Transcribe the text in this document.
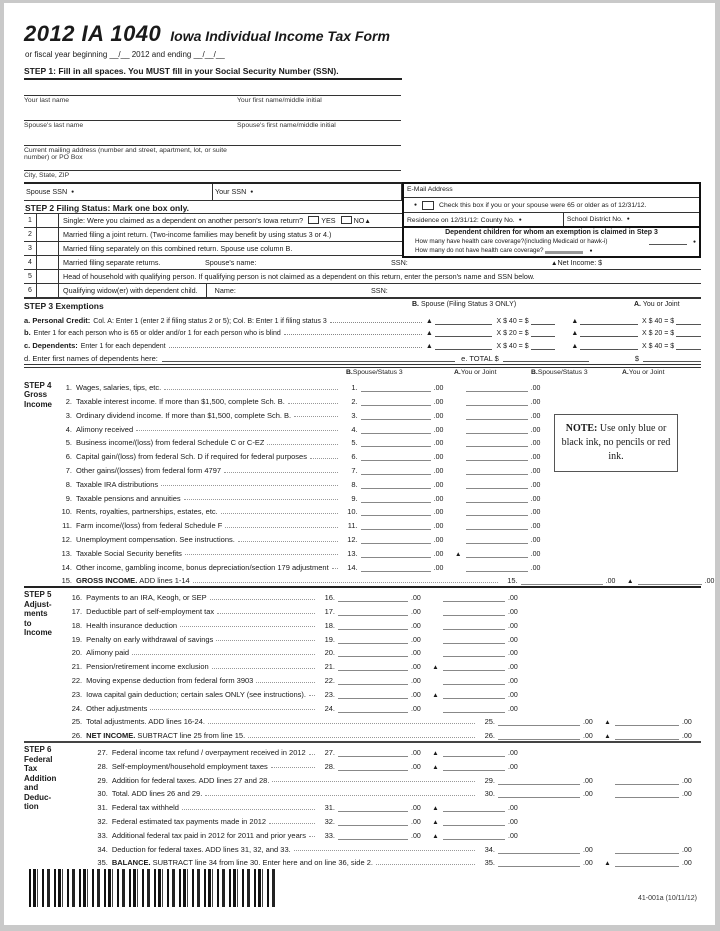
2012 IA 1040 Iowa Individual Income Tax Form
or fiscal year beginning __/__ 2012 and ending __/__/__
STEP 1: Fill in all spaces. You MUST fill in your Social Security Number (SSN).
Your last name	Your first name/middle initial
Spouse's last name	Spouse's first name/middle initial
Current mailing address (number and street, apartment, lot, or suite number) or PO Box
City, State, ZIP
Spouse SSN ●	Your SSN ●
STEP 2 Filing Status: Mark one box only.
1	Single: Were you claimed as a dependent on another person's Iowa return?	YES	NO▲
2	Married filing a joint return. (Two-income families may benefit by using status 3 or 4.)
3	Married filing separately on this combined return. Spouse use column B.
E-Mail Address
●	Check this box if you or your spouse were 65 or older as of 12/31/12.
Residence on 12/31/12: County No. ●	School District No. ●
Dependent children for whom an exemption is claimed in Step 3
How many have health care coverage?(including Medicaid or hawk-i)	●
How many do not have health care coverage?	●
4	Married filing separate returns.	Spouse's name:	SSN:	▲Net Income: $
5	Head of household with qualifying person. If qualifying person is not claimed as a dependent on this return, enter the person's name and SSN below.
6	Qualifying widow(er) with dependent child.	Name:	SSN:
STEP 3 Exemptions	B. Spouse (Filing Status 3 ONLY)	A. You or Joint
a. Personal Credit: Col. A: Enter 1 (enter 2 if filing status 2 or 5); Col. B: Enter 1 if filing status 3	▲	X $ 40 = $	▲	X $ 40 = $
b. Enter 1 for each person who is 65 or older and/or 1 for each person who is blind	▲	X $ 20 = $	▲	X $ 20 = $
c. Dependents: Enter 1 for each dependent	▲	X $ 40 = $	▲	X $ 40 = $
d. Enter first names of dependents here:	e. TOTAL $	$
B. Spouse/Status 3	A. You or Joint	B. Spouse/Status 3	A. You or Joint
STEP 4
Gross
Income
1. Wages, salaries, tips, etc.	1.	.00	.00
2. Taxable interest income. If more than $1,500, complete Sch. B.	2.	.00	.00
3. Ordinary dividend income. If more than $1,500, complete Sch. B.	3.	.00	.00
4. Alimony received	4.	.00	.00
5. Business income/(loss) from federal Schedule C or C-EZ	5.	.00	.00
6. Capital gain/(loss) from federal Sch. D if required for federal purposes	6.	.00	.00
7. Other gains/(losses) from federal form 4797	7.	.00	.00
8. Taxable IRA distributions	8.	.00	.00
9. Taxable pensions and annuities	9.	.00	.00
10. Rents, royalties, partnerships, estates, etc.	10.	.00	.00
11. Farm income/(loss) from federal Schedule F	11.	.00	.00
12. Unemployment compensation. See instructions.	12.	.00	.00
13. Taxable Social Security benefits	13.	.00	▲	.00
14. Other income, gambling income, bonus depreciation/section 179 adjustment	14.	.00	.00
15. GROSS INCOME. ADD lines 1-14	15.	.00	▲	.00
STEP 5
Adjust-
ments
to
Income
16. Payments to an IRA, Keogh, or SEP	16.	.00	.00
17. Deductible part of self-employment tax	17.	.00	.00
18. Health insurance deduction	18.	.00	.00
19. Penalty on early withdrawal of savings	19.	.00	.00
20. Alimony paid	20.	.00	.00
21. Pension/retirement income exclusion	21.	.00	▲	.00
22. Moving expense deduction from federal form 3903	22.	.00	.00
23. Iowa capital gain deduction; certain sales ONLY (see instructions).	23.	.00	▲	.00
24. Other adjustments	24.	.00	.00
25. Total adjustments. ADD lines 16-24.	25.	.00	▲	.00
26. NET INCOME. SUBTRACT line 25 from line 15.	26.	.00	▲	.00
STEP 6
Federal
Tax
Addition
and
Deduc-
tion
27. Federal income tax refund / overpayment received in 2012	27.	.00	▲	.00
28. Self-employment/household employment taxes	28.	.00	▲	.00
29. Addition for federal taxes. ADD lines 27 and 28.	29.	.00	.00
30. Total. ADD lines 26 and 29.	30.	.00	.00
31. Federal tax withheld	31.	.00	▲	.00
32. Federal estimated tax payments made in 2012	32.	.00	▲	.00
33. Additional federal tax paid in 2012 for 2011 and prior years	33.	.00	▲	.00
34. Deduction for federal taxes. ADD lines 31, 32, and 33.	34.	.00	.00
35. BALANCE. SUBTRACT line 34 from line 30. Enter here and on line 36, side 2.	35.	.00	▲	.00
NOTE: Use only blue or black ink, no pencils or red ink.
41-001a (10/11/12)
